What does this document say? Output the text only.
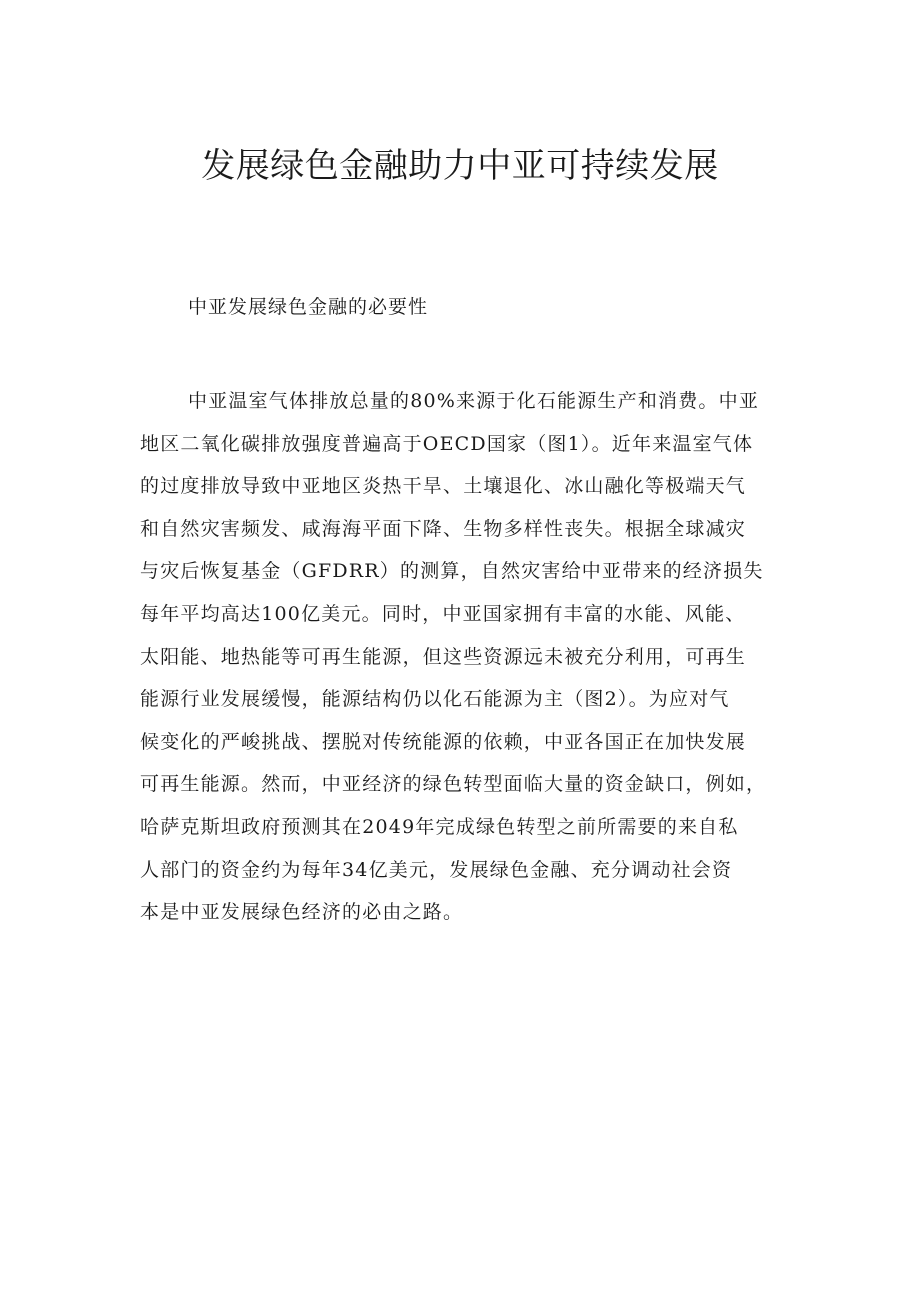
发展绿色金融助力中亚可持续发展
中亚发展绿色金融的必要性
中亚温室气体排放总量的80%来源于化石能源生产和消费。中亚
地区二氧化碳排放强度普遍高于OECD国家（图1）。近年来温室气体
的过度排放导致中亚地区炎热干旱、土壤退化、冰山融化等极端天气
和自然灾害频发、咸海海平面下降、生物多样性丧失。根据全球减灾
与灾后恢复基金（GFDRR）的测算，自然灾害给中亚带来的经济损失
每年平均高达100亿美元。同时，中亚国家拥有丰富的水能、风能、
太阳能、地热能等可再生能源，但这些资源远未被充分利用，可再生
能源行业发展缓慢，能源结构仍以化石能源为主（图2）。为应对气
候变化的严峻挑战、摆脱对传统能源的依赖，中亚各国正在加快发展
可再生能源。然而，中亚经济的绿色转型面临大量的资金缺口，例如，
哈萨克斯坦政府预测其在2049年完成绿色转型之前所需要的来自私
人部门的资金约为每年34亿美元，发展绿色金融、充分调动社会资
本是中亚发展绿色经济的必由之路。
